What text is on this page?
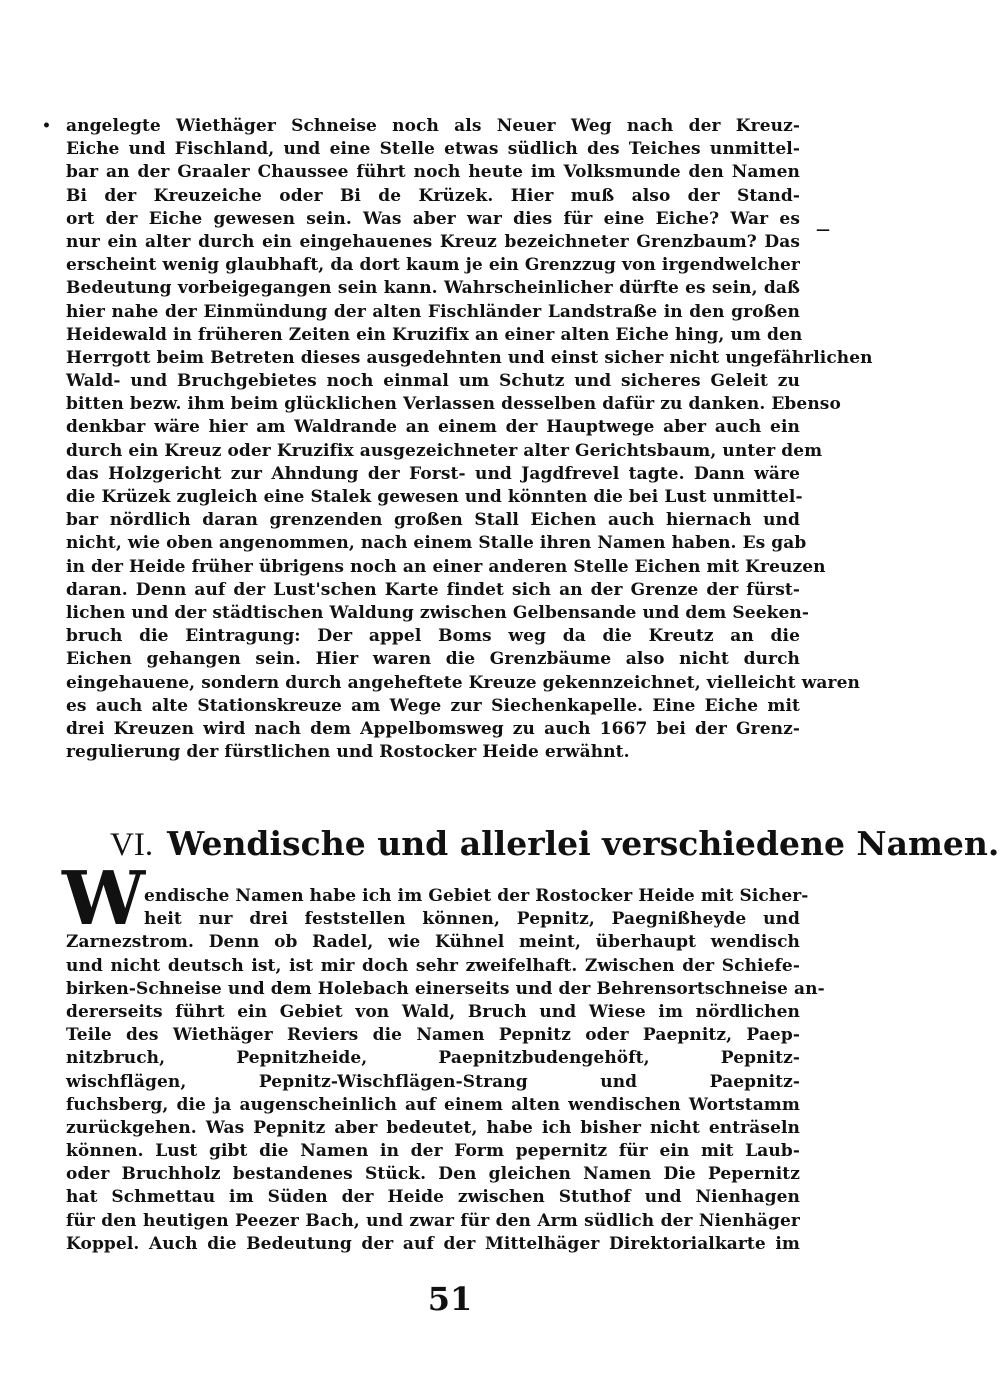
•
—
angelegte Wiethäger Schneise noch als Neuer Weg nach der Kreuz-
Eiche und Fischland, und eine Stelle etwas südlich des Teiches unmittel-
bar an der Graaler Chaussee führt noch heute im Volksmunde den Namen
Bi der Kreuzeiche oder Bi de Krüzek. Hier muß also der Stand-
ort der Eiche gewesen sein. Was aber war dies für eine Eiche? War es
nur ein alter durch ein eingehauenes Kreuz bezeichneter Grenzbaum? Das
erscheint wenig glaubhaft, da dort kaum je ein Grenzzug von irgendwelcher
Bedeutung vorbeigegangen sein kann. Wahrscheinlicher dürfte es sein, daß
hier nahe der Einmündung der alten Fischländer Landstraße in den großen
Heidewald in früheren Zeiten ein Kruzifix an einer alten Eiche hing, um den
Herrgott beim Betreten dieses ausgedehnten und einst sicher nicht ungefährlichen
Wald- und Bruchgebietes noch einmal um Schutz und sicheres Geleit zu
bitten bezw. ihm beim glücklichen Verlassen desselben dafür zu danken. Ebenso
denkbar wäre hier am Waldrande an einem der Hauptwege aber auch ein
durch ein Kreuz oder Kruzifix ausgezeichneter alter Gerichtsbaum, unter dem
das Holzgericht zur Ahndung der Forst- und Jagdfrevel tagte. Dann wäre
die Krüzek zugleich eine Stalek gewesen und könnten die bei Lust unmittel-
bar nördlich daran grenzenden großen Stall Eichen auch hiernach und
nicht, wie oben angenommen, nach einem Stalle ihren Namen haben. Es gab
in der Heide früher übrigens noch an einer anderen Stelle Eichen mit Kreuzen
daran. Denn auf der Lust'schen Karte findet sich an der Grenze der fürst-
lichen und der städtischen Waldung zwischen Gelbensande und dem Seeken-
bruch die Eintragung: Der appel Boms weg da die Kreutz an die
Eichen gehangen sein. Hier waren die Grenzbäume also nicht durch
eingehauene, sondern durch angeheftete Kreuze gekennzeichnet, vielleicht waren
es auch alte Stationskreuze am Wege zur Siechenkapelle. Eine Eiche mit
drei Kreuzen wird nach dem Appelbomsweg zu auch 1667 bei der Grenz-
regulierung der fürstlichen und Rostocker Heide erwähnt.
VI. Wendische und allerlei verschiedene Namen.
W
endische Namen habe ich im Gebiet der Rostocker Heide mit Sicher-
heit nur drei feststellen können, Pepnitz, Paegnißheyde und
Zarnezstrom. Denn ob Radel, wie Kühnel meint, überhaupt wendisch
und nicht deutsch ist, ist mir doch sehr zweifelhaft. Zwischen der Schiefe-
birken-Schneise und dem Holebach einerseits und der Behrensortschneise an-
dererseits führt ein Gebiet von Wald, Bruch und Wiese im nördlichen
Teile des Wiethäger Reviers die Namen Pepnitz oder Paepnitz, Paep-
nitzbruch, Pepnitzheide, Paepnitzbudengehöft, Pepnitz-
wischflägen, Pepnitz-Wischflägen-Strang und Paepnitz-
fuchsberg, die ja augenscheinlich auf einem alten wendischen Wortstamm
zurückgehen. Was Pepnitz aber bedeutet, habe ich bisher nicht enträseln
können. Lust gibt die Namen in der Form pepernitz für ein mit Laub-
oder Bruchholz bestandenes Stück. Den gleichen Namen Die Pepernitz
hat Schmettau im Süden der Heide zwischen Stuthof und Nienhagen
für den heutigen Peezer Bach, und zwar für den Arm südlich der Nienhäger
Koppel. Auch die Bedeutung der auf der Mittelhäger Direktorialkarte im
51
